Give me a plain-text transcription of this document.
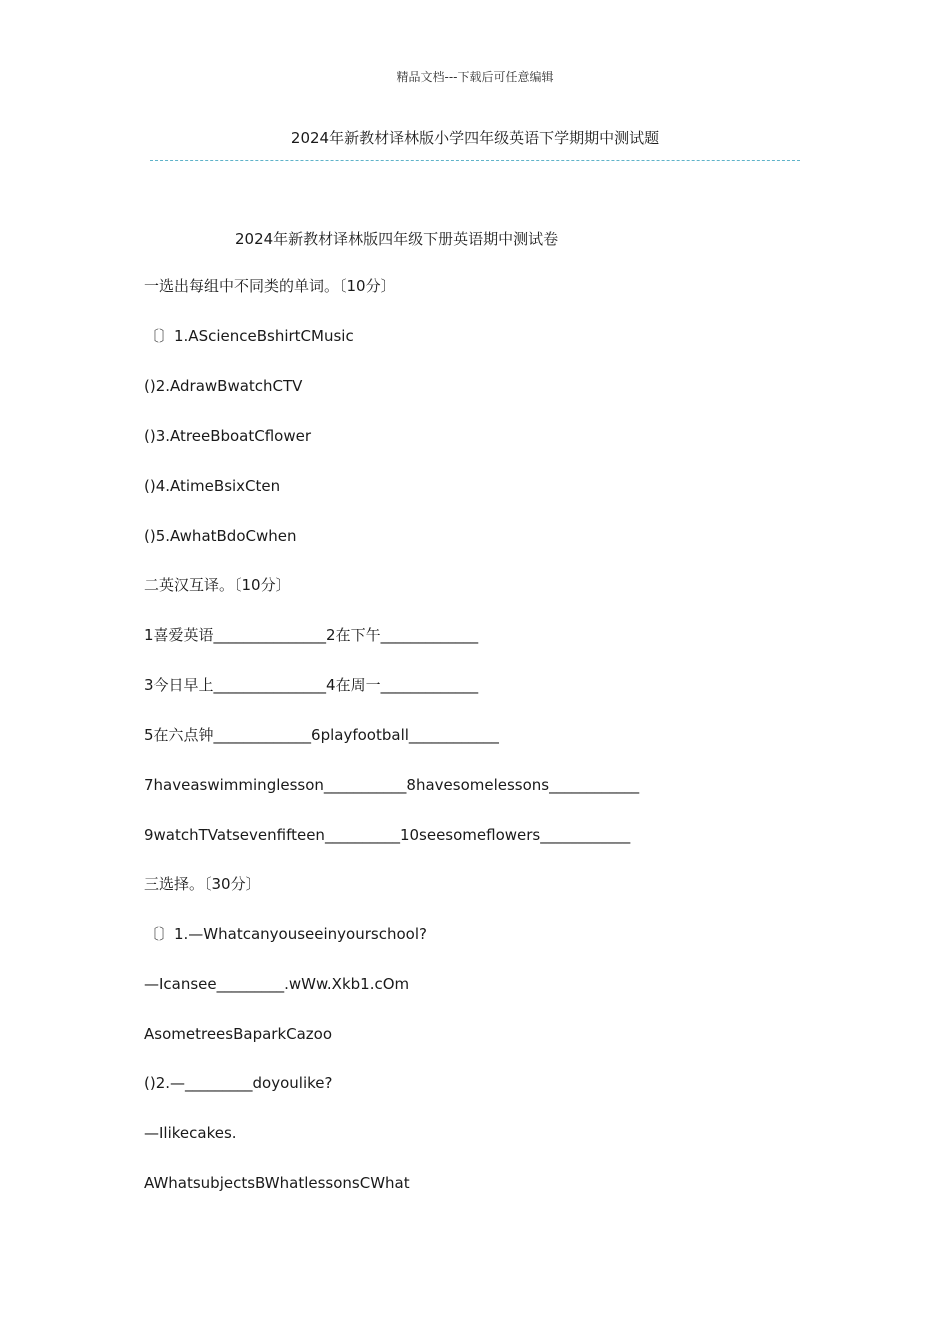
精品文档---下载后可任意编辑
2024年新教材译林版小学四年级英语下学期期中测试题
2024年新教材译林版四年级下册英语期中测试卷
一选出每组中不同类的单词。〔10分〕
〔〕1.AScienceBshirtCMusic
()2.AdrawBwatchCTV
()3.AtreeBboatCflower
()4.AtimeBsixCten
()5.AwhatBdoCwhen
二英汉互译。〔10分〕
1喜爱英语_______________2在下午_____________
3今日早上_______________4在周一_____________
5在六点钟_____________6playfootball____________
7haveaswimminglesson___________8havesomelessons____________
9watchTVatsevenfifteen__________10seesomeflowers____________
三选择。〔30分〕
〔〕1.—Whatcanyouseeinyourschool?
—Icansee_________.wWw.Xkb1.cOm
AsometreesBaparkCazoo
()2.—_________doyoulike?
—Ilikecakes.
AWhatsubjectsBWhatlessonsCWhat
